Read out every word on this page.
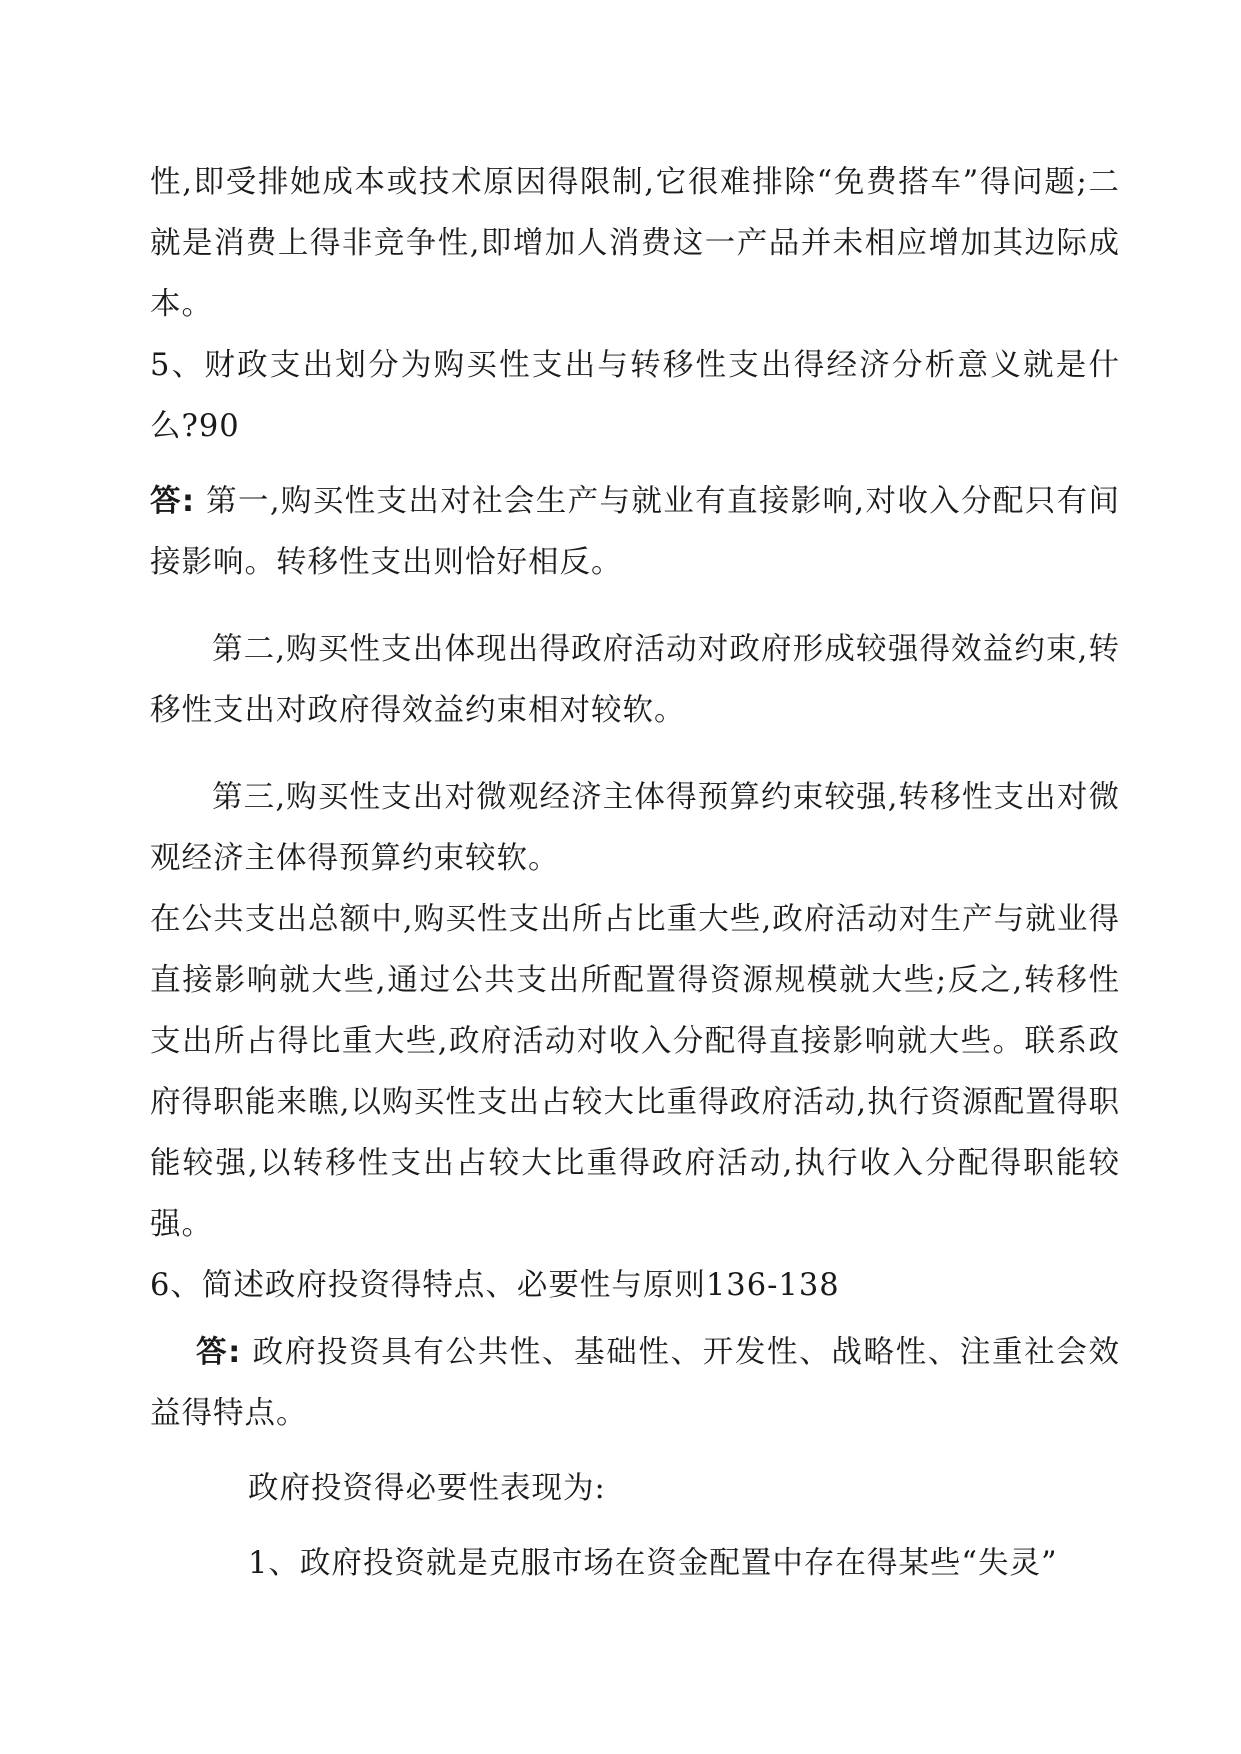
性,即受排她成本或技术原因得限制,它很难排除“免费搭车”得问题;二就是消费上得非竞争性,即增加人消费这一产品并未相应增加其边际成本。

5、财政支出划分为购买性支出与转移性支出得经济分析意义就是什么?90

答: 第一,购买性支出对社会生产与就业有直接影响,对收入分配只有间接影响。转移性支出则恰好相反。

第二,购买性支出体现出得政府活动对政府形成较强得效益约束,转移性支出对政府得效益约束相对较软。

第三,购买性支出对微观经济主体得预算约束较强,转移性支出对微观经济主体得预算约束较软。

在公共支出总额中,购买性支出所占比重大些,政府活动对生产与就业得直接影响就大些,通过公共支出所配置得资源规模就大些;反之,转移性支出所占得比重大些,政府活动对收入分配得直接影响就大些。联系政府得职能来瞧,以购买性支出占较大比重得政府活动,执行资源配置得职能较强,以转移性支出占较大比重得政府活动,执行收入分配得职能较强。

6、简述政府投资得特点、必要性与原则136-138

答: 政府投资具有公共性、基础性、开发性、战略性、注重社会效益得特点。

政府投资得必要性表现为:

1、政府投资就是克服市场在资金配置中存在得某些“失灵”
